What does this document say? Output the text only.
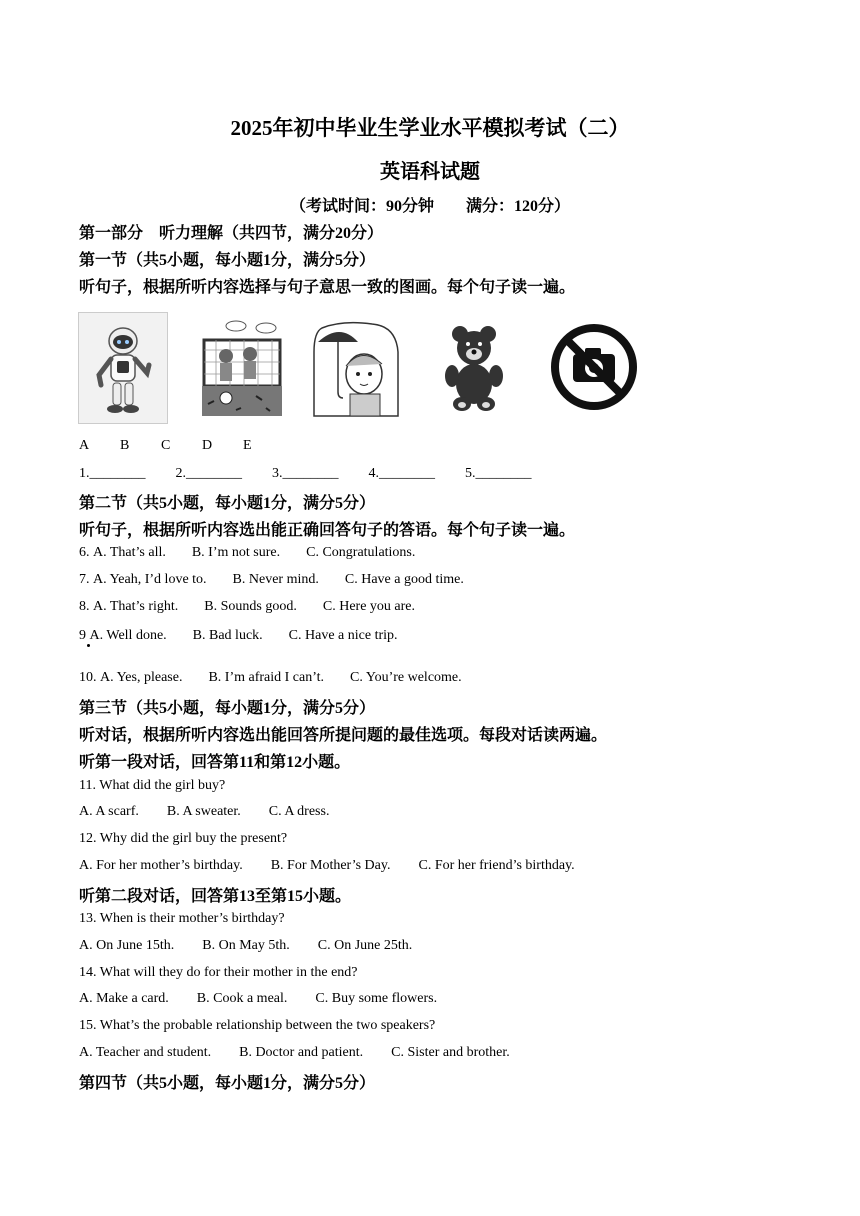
2025年初中毕业生学业水平模拟考试（二）
英语科试题
（考试时间：90分钟　　满分：120分）
第一部分　听力理解（共四节，满分20分）
第一节（共5小题，每小题1分，满分5分）
听句子，根据所听内容选择与句子意思一致的图画。每个句子读一遍。
A B C D E
1.________ 2.________ 3.________ 4.________ 5.________
第二节（共5小题，每小题1分，满分5分）
听句子，根据所听内容选出能正确回答句子的答语。每个句子读一遍。
6. A. That’s all. B. I’m not sure. C. Congratulations.
7. A. Yeah, I’d love to. B. Never mind. C. Have a good time.
8. A. That’s right. B. Sounds good. C. Here you are.
9 A. Well done. B. Bad luck. C. Have a nice trip.
10. A. Yes, please. B. I’m afraid I can’t. C. You’re welcome.
第三节（共5小题，每小题1分，满分5分）
听对话，根据所听内容选出能回答所提问题的最佳选项。每段对话读两遍。
听第一段对话，回答第11和第12小题。
11. What did the girl buy?
A. A scarf. B. A sweater. C. A dress.
12. Why did the girl buy the present?
A. For her mother’s birthday. B. For Mother’s Day. C. For her friend’s birthday.
听第二段对话，回答第13至第15小题。
13. When is their mother’s birthday?
A. On June 15th. B. On May 5th. C. On June 25th.
14. What will they do for their mother in the end?
A. Make a card. B. Cook a meal. C. Buy some flowers.
15. What’s the probable relationship between the two speakers?
A. Teacher and student. B. Doctor and patient. C. Sister and brother.
第四节（共5小题，每小题1分，满分5分）
